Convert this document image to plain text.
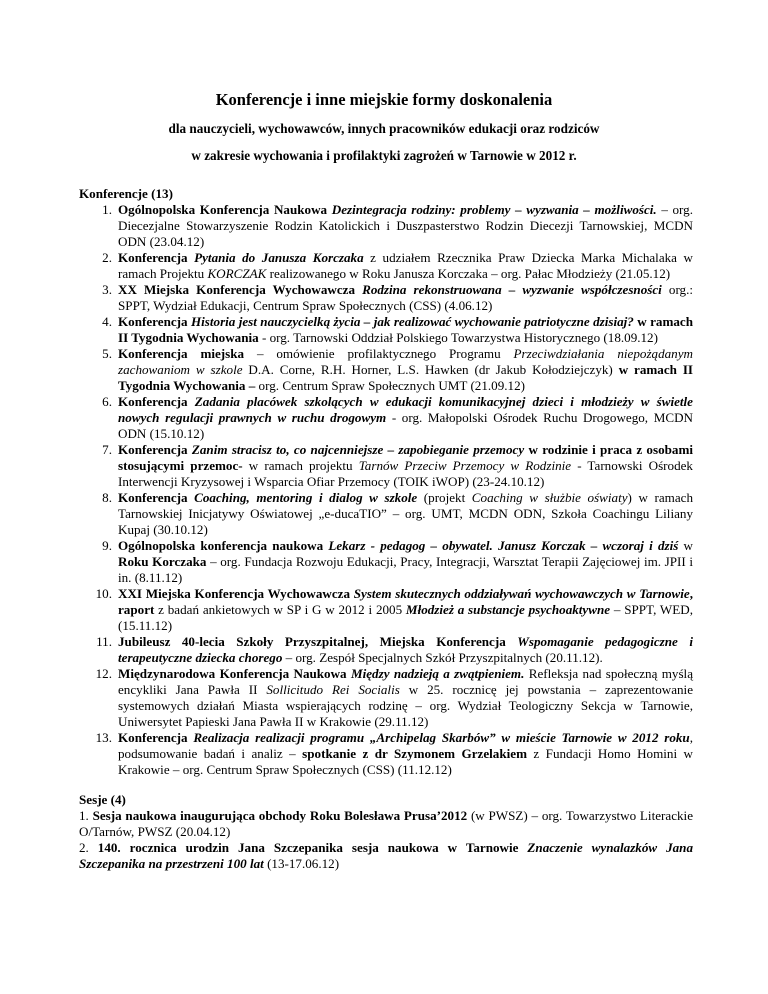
Konferencje i inne miejskie formy doskonalenia
dla nauczycieli, wychowawców, innych pracowników edukacji oraz rodziców
w zakresie wychowania i profilaktyki zagrożeń w Tarnowie w 2012 r.
Konferencje (13)
1. Ogólnopolska Konferencja Naukowa Dezintegracja rodziny: problemy – wyzwania – możliwości. – org. Diecezjalne Stowarzyszenie Rodzin Katolickich i Duszpasterstwo Rodzin Diecezji Tarnowskiej, MCDN ODN (23.04.12)
2. Konferencja Pytania do Janusza Korczaka z udziałem Rzecznika Praw Dziecka Marka Michalaka w ramach Projektu KORCZAK realizowanego w Roku Janusza Korczaka – org. Pałac Młodzieży (21.05.12)
3. XX Miejska Konferencja Wychowawcza Rodzina rekonstruowana – wyzwanie współczesności org.: SPPT, Wydział Edukacji, Centrum Spraw Społecznych (CSS) (4.06.12)
4. Konferencja Historia jest nauczycielką życia – jak realizować wychowanie patriotyczne dzisiaj? w ramach II Tygodnia Wychowania - org. Tarnowski Oddział Polskiego Towarzystwa Historycznego (18.09.12)
5. Konferencja miejska – omówienie profilaktycznego Programu Przeciwdziałania niepożądanym zachowaniom w szkole D.A. Corne, R.H. Horner, L.S. Hawken (dr Jakub Kołodziejczyk) w ramach II Tygodnia Wychowania – org. Centrum Spraw Społecznych UMT (21.09.12)
6. Konferencja Zadania placówek szkolących w edukacji komunikacyjnej dzieci i młodzieży w świetle nowych regulacji prawnych w ruchu drogowym - org. Małopolski Ośrodek Ruchu Drogowego, MCDN ODN (15.10.12)
7. Konferencja Zanim stracisz to, co najcenniejsze – zapobieganie przemocy w rodzinie i praca z osobami stosującymi przemoc- w ramach projektu Tarnów Przeciw Przemocy w Rodzinie - Tarnowski Ośrodek Interwencji Kryzysowej i Wsparcia Ofiar Przemocy (TOIK iWOP) (23-24.10.12)
8. Konferencja Coaching, mentoring i dialog w szkole (projekt Coaching w służbie oświaty) w ramach Tarnowskiej Inicjatywy Oświatowej „e-ducaTIO” – org. UMT, MCDN ODN, Szkoła Coachingu Liliany Kupaj (30.10.12)
9. Ogólnopolska konferencja naukowa Lekarz - pedagog – obywatel. Janusz Korczak – wczoraj i dziś w Roku Korczaka – org. Fundacja Rozwoju Edukacji, Pracy, Integracji, Warsztat Terapii Zajęciowej im. JPII i in. (8.11.12)
10. XXI Miejska Konferencja Wychowawcza System skutecznych oddziaływań wychowawczych w Tarnowie, raport z badań ankietowych w SP i G w 2012 i 2005 Młodzież a substancje psychoaktywne – SPPT, WED, (15.11.12)
11. Jubileusz 40-lecia Szkoły Przyszpitalnej, Miejska Konferencja Wspomaganie pedagogiczne i terapeutyczne dziecka chorego – org. Zespół Specjalnych Szkół Przyszpitalnych (20.11.12).
12. Międzynarodowa Konferencja Naukowa Między nadzieją a zwątpieniem. Refleksja nad społeczną myślą encykliki Jana Pawła II Sollicitudo Rei Socialis w 25. rocznicę jej powstania – zaprezentowanie systemowych działań Miasta wspierających rodzinę – org. Wydział Teologiczny Sekcja w Tarnowie, Uniwersytet Papieski Jana Pawła II w Krakowie (29.11.12)
13. Konferencja Realizacja realizacji programu „Archipelag Skarbów” w mieście Tarnowie w 2012 roku, podsumowanie badań i analiz – spotkanie z dr Szymonem Grzelakiem z Fundacji Homo Homini w Krakowie – org. Centrum Spraw Społecznych (CSS) (11.12.12)
Sesje (4)

1. Sesja naukowa inaugurująca obchody Roku Bolesława Prusa’2012 (w PWSZ) – org. Towarzystwo Literackie O/Tarnów, PWSZ (20.04.12)

2. 140. rocznica urodzin Jana Szczepanika sesja naukowa w Tarnowie Znaczenie wynalazków Jana Szczepanika na przestrzeni 100 lat (13-17.06.12)
